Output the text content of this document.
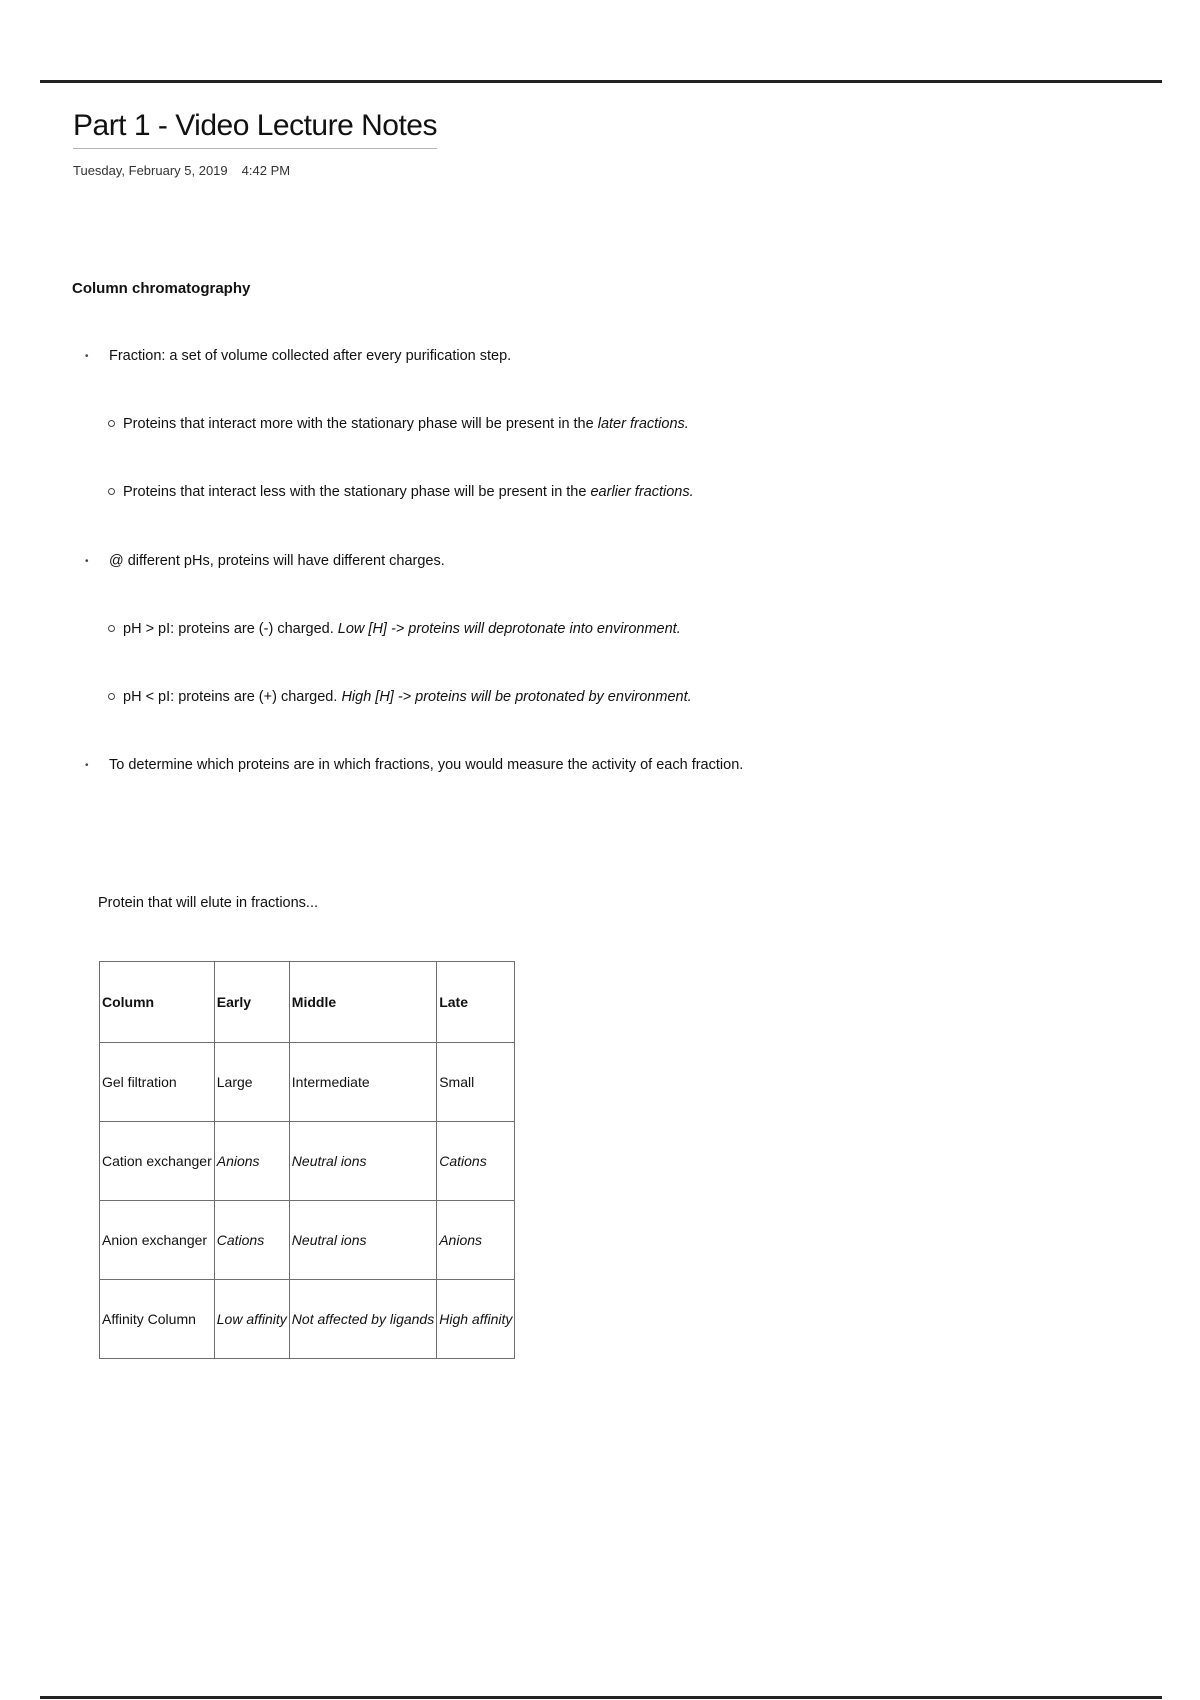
Part 1 - Video Lecture Notes
Tuesday, February 5, 2019 4:42 PM
Column chromatography
•	Fraction: a set of volume collected after every purification step.
Proteins that interact more with the stationary phase will be present in the
later fractions.
Proteins that interact less with the stationary phase will be present in the
earlier fractions.
•	@ different pHs, proteins will have different charges.
pH > pI: proteins are (-) charged.
Low [H] -> proteins will deprotonate into environment.
pH < pI: proteins are (+) charged.
High [H] -> proteins will be protonated by environment.
•	To determine which proteins are in which fractions, you would measure the activity of each fraction.
Protein that will elute in fractions...
Column	Early	Middle	Late
Gel filtration	Large	Intermediate	Small
Cation exchanger	Anions	Neutral ions	Cations
Anion exchanger	Cations	Neutral ions	Anions
Affinity Column	Low affinity	Not affected by ligands	High affinity
